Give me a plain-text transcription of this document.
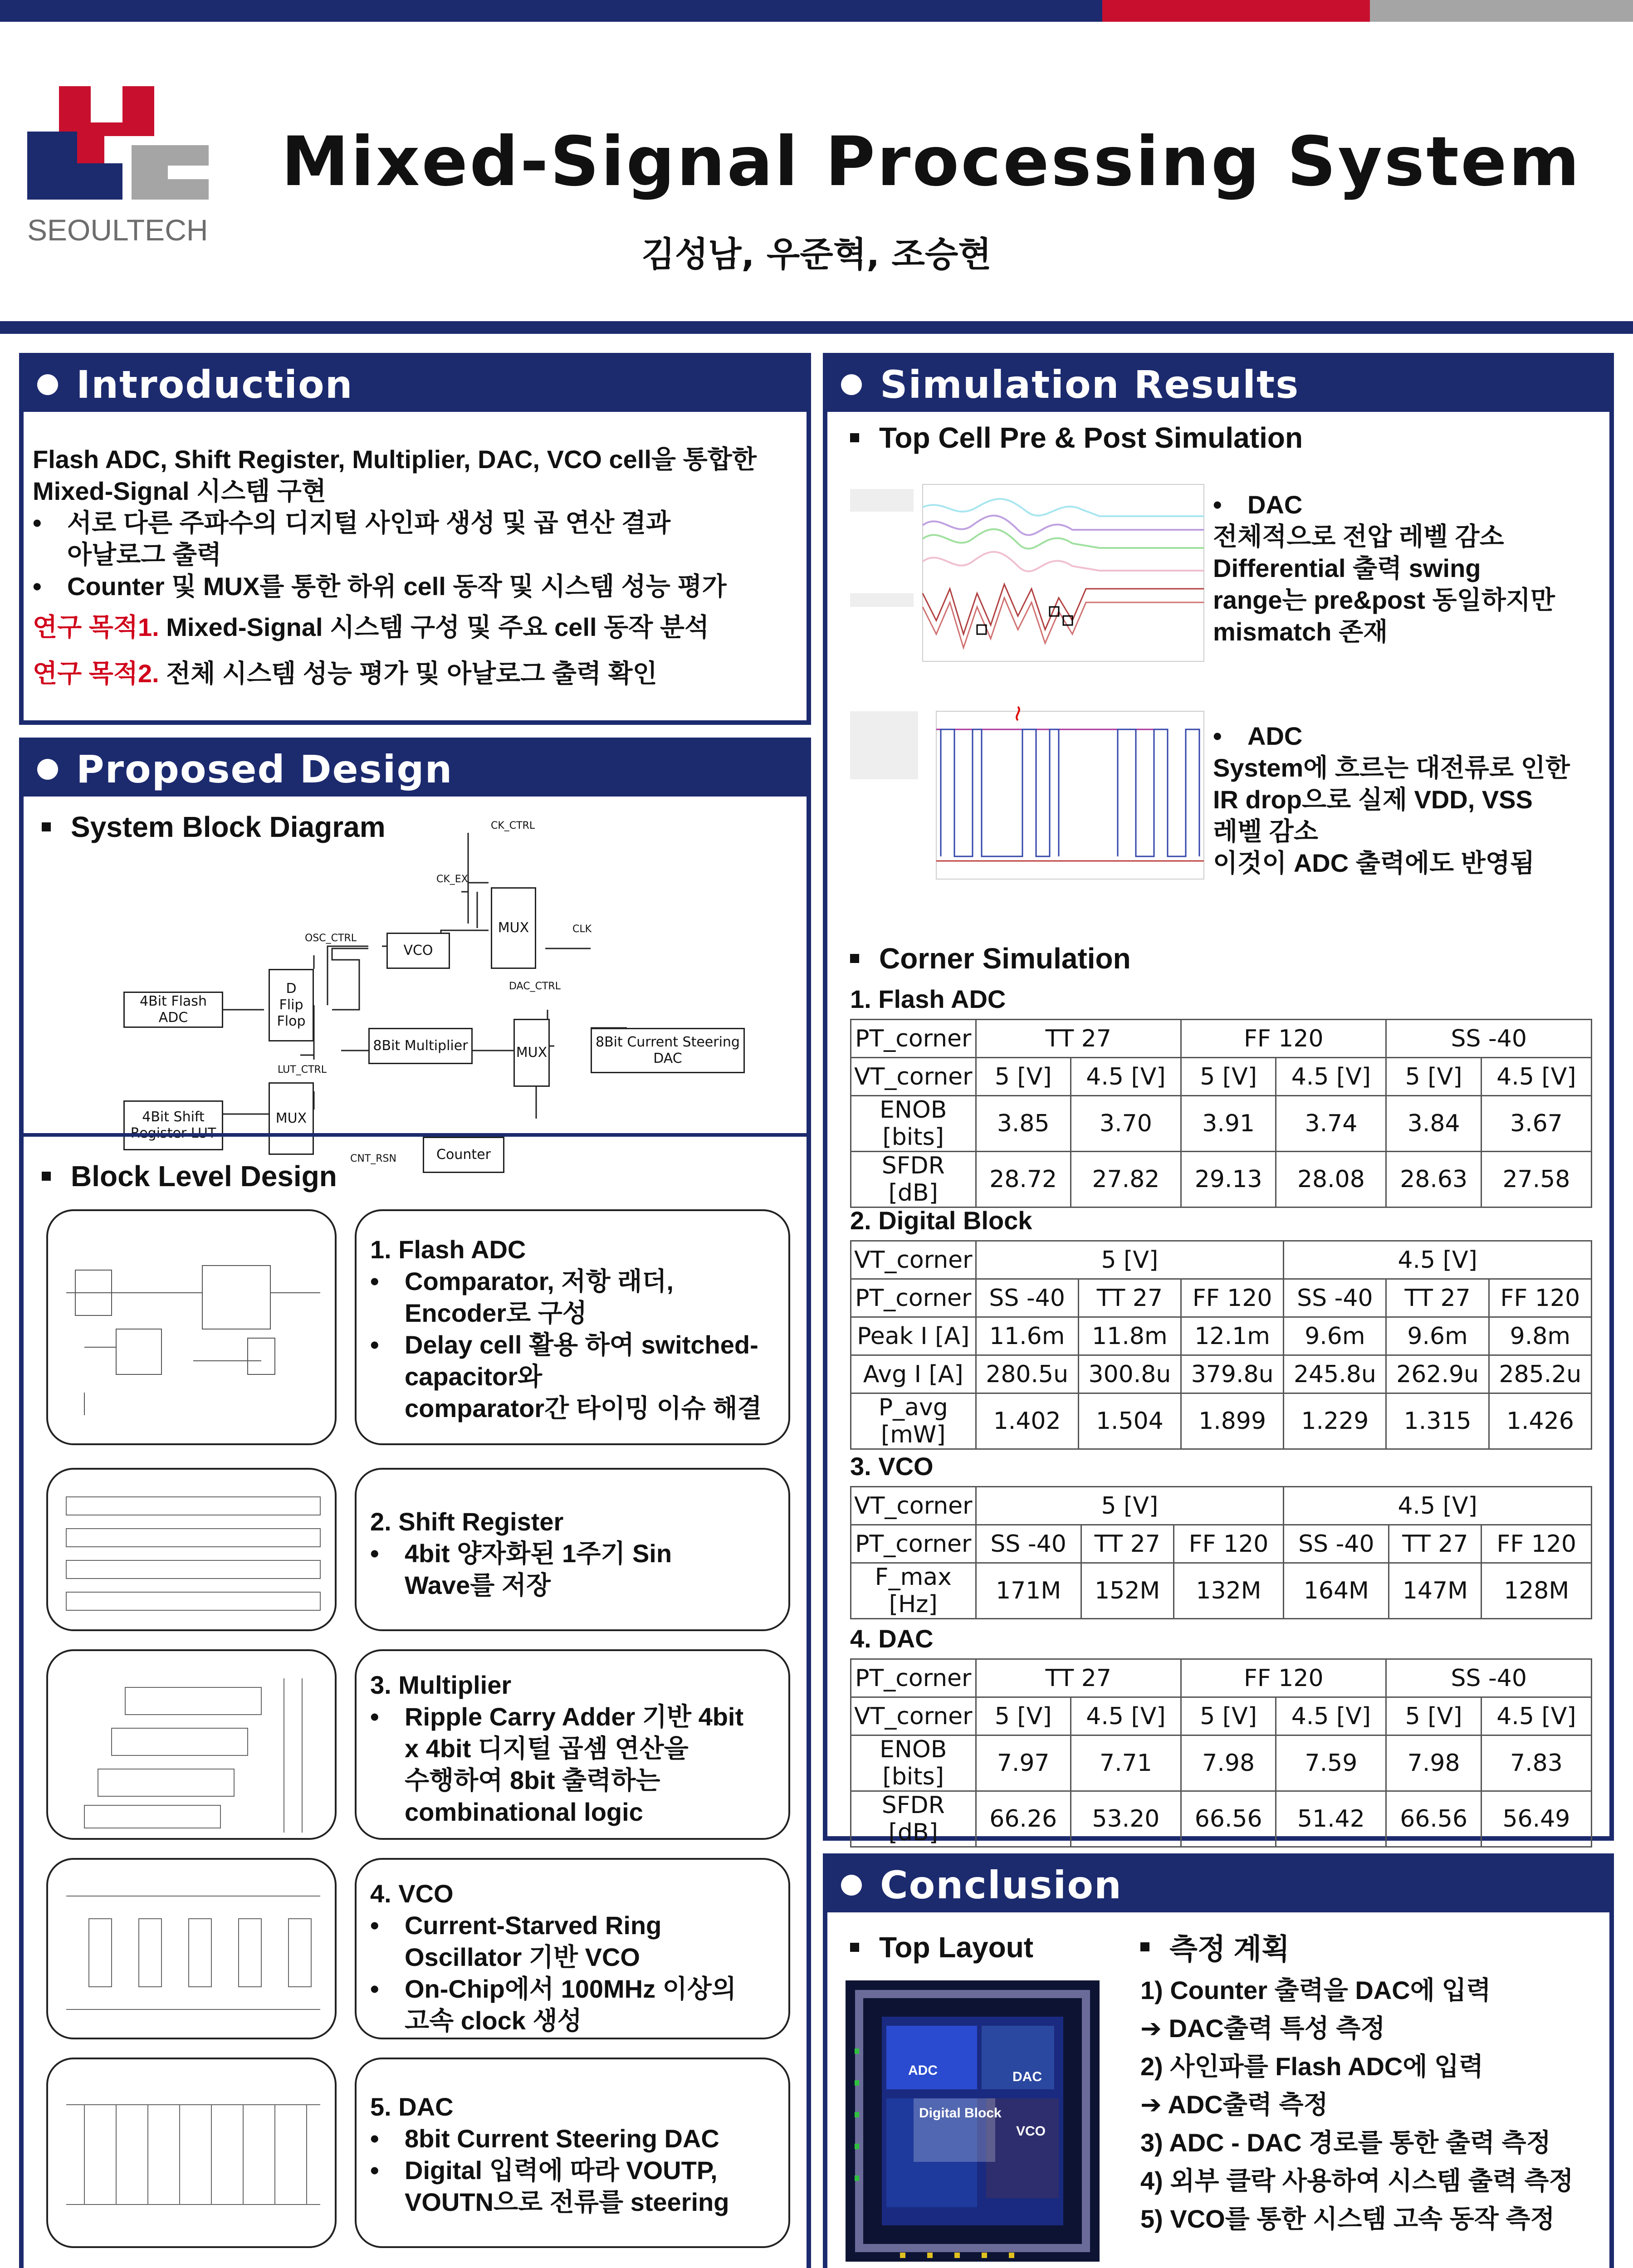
SEOULTECH
Mixed-Signal Processing System
김성남, 우준혁, 조승현
Introduction
Flash ADC, Shift Register, Multiplier, DAC, VCO cell을 통합한
Mixed-Signal 시스템 구현
•	서로 다른 주파수의 디지털 사인파 생성 및 곱 연산 결과
아날로그 출력
•	Counter 및 MUX를 통한 하위 cell 동작 및 시스템 성능 평가
연구 목적1. Mixed-Signal 시스템 구성 및 주요 cell 동작 분석
연구 목적2. 전체 시스템 성능 평가 및 아날로그 출력 확인
Proposed Design
System Block Diagram
4Bit Flash ADC
D
Flip
Flop
VCO
MUX
8Bit Multiplier	MUX
8Bit Current Steering DAC
4Bit Shift	MUX
Counter
CK_CTRL
CK_EX
OSC_CTRL
CLK
DAC_CTRL
LUT_CTRL
CNT_RSN
Block Level Design
1. Flash ADC
•	Comparator, 저항 래더,
Encoder로 구성
•	Delay cell 활용 하여 switched-
capacitor와
comparator간 타이밍 이슈 해결
2. Shift Register
•	4bit 양자화된 1주기 Sin
Wave를 저장
3. Multiplier
•	Ripple Carry Adder 기반 4bit
x 4bit 디지털 곱셈 연산을
수행하여 8bit 출력하는
combinational logic
4. VCO
•	Current-Starved Ring
Oscillator 기반 VCO
•	On-Chip에서 100MHz 이상의
고속 clock 생성
5. DAC
•	8bit Current Steering DAC
•	Digital 입력에 따라 VOUTP,
VOUTN으로 전류를 steering
Simulation Results
Top Cell Pre & Post Simulation
•	DAC
전체적으로 전압 레벨 감소
Differential 출력 swing
range는 pre&post 동일하지만
mismatch 존재
•	ADC
System에 흐르는 대전류로 인한
IR drop으로 실제 VDD, VSS
레벨 감소
이것이 ADC 출력에도 반영됨
Corner Simulation
1. Flash ADC
PT_corner	TT 27		FF 120		SS -40	
VT_corner	5 [V]	4.5 [V]	5 [V]	4.5 [V]	5 [V]	4.5 [V]
ENOB [bits]	3.85	3.70	3.91	3.74	3.84	3.67
SFDR [dB]	28.72	27.82	29.13	28.08	28.63	27.58
2. Digital Block
VT_corner	5 [V]			4.5 [V]		
PT_corner	SS -40	TT 27	FF 120	SS -40	TT 27	FF 120
Peak I [A]	11.6m	11.8m	12.1m	9.6m	9.6m	9.8m
Avg I [A]	280.5u	300.8u	379.8u	245.8u	262.9u	285.2u
P_avg [mW]	1.402	1.504	1.899	1.229	1.315	1.426
3. VCO
VT_corner	5 [V]			4.5 [V]		
PT_corner	SS -40	TT 27	FF 120	SS -40	TT 27	FF 120
F_max [Hz]	171M	152M	132M	164M	147M	128M
4. DAC
PT_corner	TT 27		FF 120		SS -40	
VT_corner	5 [V]	4.5 [V]	5 [V]	4.5 [V]	5 [V]	4.5 [V]
ENOB [bits]	7.97	7.71	7.98	7.59	7.98	7.83
SFDR [dB]	66.26	53.20	66.56	51.42	66.56	56.49
Conclusion
Top Layout
ADC	DAC
Digital Block
VCO
측정 계획
1) Counter 출력을 DAC에 입력
➔ DAC출력 특성 측정
2) 사인파를 Flash ADC에 입력
➔ ADC출력 측정
3) ADC - DAC 경로를 통한 출력 측정
4) 외부 클락 사용하여 시스템 출력 측정
5) VCO를 통한 시스템 고속 동작 측정
